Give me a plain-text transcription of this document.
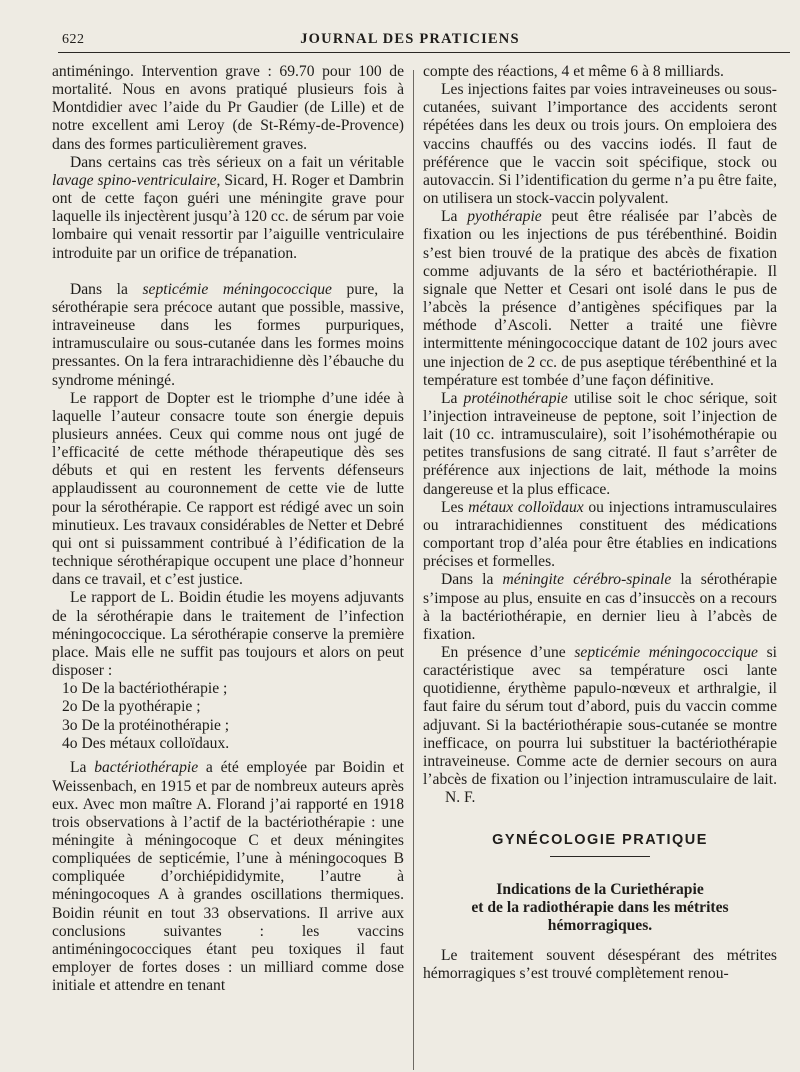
622	JOURNAL DES PRATICIENS

antiméningo. Intervention grave : 69.70 pour 100 de mortalité. Nous en avons pratiqué plusieurs fois à Montdidier avec l’aide du Pr Gaudier (de Lille) et de notre excellent ami Leroy (de St-Rémy-de-Provence) dans des formes particulièrement graves.

Dans certains cas très sérieux on a fait un véritable lavage spino-ventriculaire, Sicard, H. Roger et Dambrin ont de cette façon guéri une méningite grave pour laquelle ils injectèrent jusqu’à 120 cc. de sérum par voie lombaire qui venait ressortir par l’aiguille ventriculaire introduite par un orifice de trépanation.

Dans la septicémie méningococcique pure, la sérothérapie sera précoce autant que possible, massive, intraveineuse dans les formes purpuriques, intramusculaire ou sous-cutanée dans les formes moins pressantes. On la fera intrarachidienne dès l’ébauche du syndrome méningé.

Le rapport de Dopter est le triomphe d’une idée à laquelle l’auteur consacre toute son énergie depuis plusieurs années. Ceux qui comme nous ont jugé de l’efficacité de cette méthode thérapeutique dès ses débuts et qui en restent les fervents défenseurs applaudissent au couronnement de cette vie de lutte pour la sérothérapie. Ce rapport est rédigé avec un soin minutieux. Les travaux considérables de Netter et Debré qui ont si puissamment contribué à l’édification de la technique sérothérapique occupent une place d’honneur dans ce travail, et c’est justice.

Le rapport de L. Boidin étudie les moyens adjuvants de la sérothérapie dans le traitement de l’infection méningococcique. La sérothérapie conserve la première place. Mais elle ne suffit pas toujours et alors on peut disposer :

1o De la bactériothérapie ;
2o De la pyothérapie ;
3o De la protéinothérapie ;
4o Des métaux colloïdaux.

La bactériothérapie a été employée par Boidin et Weissenbach, en 1915 et par de nombreux auteurs après eux. Avec mon maître A. Florand j’ai rapporté en 1918 trois observations à l’actif de la bactériothérapie : une méningite à méningocoque C et deux méningites compliquées de septicémie, l’une à méningocoques B compliquée d’orchiépididymite, l’autre à méningocoques A à grandes oscillations thermiques. Boidin réunit en tout 33 observations. Il arrive aux conclusions suivantes : les vaccins antiméningococciques étant peu toxiques il faut employer de fortes doses : un milliard comme dose initiale et attendre en tenant

compte des réactions, 4 et même 6 à 8 milliards.

Les injections faites par voies intraveineuses ou sous-cutanées, suivant l’importance des accidents seront répétées dans les deux ou trois jours. On emploiera des vaccins chauffés ou des vaccins iodés. Il faut de préférence que le vaccin soit spécifique, stock ou autovaccin. Si l’identification du germe n’a pu être faite, on utilisera un stock-vaccin polyvalent.

La pyothérapie peut être réalisée par l’abcès de fixation ou les injections de pus térébenthiné. Boidin s’est bien trouvé de la pratique des abcès de fixation comme adjuvants de la séro et bactériothérapie. Il signale que Netter et Cesari ont isolé dans le pus de l’abcès la présence d’antigènes spécifiques par la méthode d’Ascoli. Netter a traité une fièvre intermittente méningococcique datant de 102 jours avec une injection de 2 cc. de pus aseptique térébenthiné et la température est tombée d’une façon définitive.

La protéinothérapie utilise soit le choc sérique, soit l’injection intraveineuse de peptone, soit l’injection de lait (10 cc. intramusculaire), soit l’isohémothérapie ou petites transfusions de sang citraté. Il faut s’arrêter de préférence aux injections de lait, méthode la moins dangereuse et la plus efficace.

Les métaux colloïdaux ou injections intramusculaires ou intrarachidiennes constituent des médications comportant trop d’aléa pour être établies en indications précises et formelles.

Dans la méningite cérébro-spinale la sérothérapie s’impose au plus, ensuite en cas d’insuccès on a recours à la bactériothérapie, en dernier lieu à l’abcès de fixation.

En présence d’une septicémie méningococcique si caractéristique avec sa température osci lante quotidienne, érythème papulo-nœveux et arthralgie, il faut faire du sérum tout d’abord, puis du vaccin comme adjuvant. Si la bactériothérapie sous-cutanée se montre inefficace, on pourra lui substituer la bactériothérapie intraveineuse. Comme acte de dernier secours on aura l’abcès de fixation ou l’injection intramusculaire de lait. N. F.

GYNÉCOLOGIE PRATIQUE
Indications de la Curiethérapie
et de la radiothérapie dans les métrites
hémorragiques.

Le traitement souvent désespérant des métrites hémorragiques s’est trouvé complètement renou-
